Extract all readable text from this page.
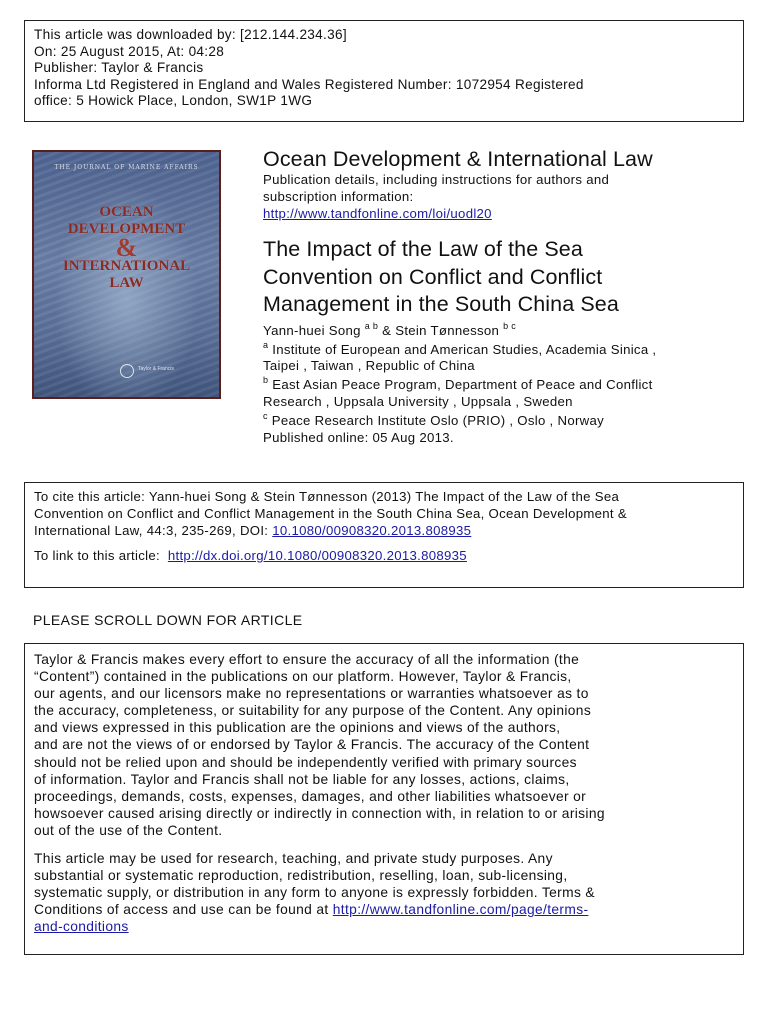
This article was downloaded by: [212.144.234.36]
On: 25 August 2015, At: 04:28
Publisher: Taylor & Francis
Informa Ltd Registered in England and Wales Registered Number: 1072954 Registered
office: 5 Howick Place, London, SW1P 1WG
THE JOURNAL OF MARINE AFFAIRS
OCEAN
DEVELOPMENT
&
INTERNATIONAL
LAW
Taylor & Francis
Ocean Development & International Law
Publication details, including instructions for authors and
subscription information:
http://www.tandfonline.com/loi/uodl20
The Impact of the Law of the Sea
Convention on Conflict and Conflict
Management in the South China Sea
Yann-huei Song $^{a b}$ & Stein Tønnesson $^{b c}$
$^a$ Institute of European and American Studies, Academia Sinica ,
Taipei , Taiwan , Republic of China
$^b$ East Asian Peace Program, Department of Peace and Conflict
Research , Uppsala University , Uppsala , Sweden
$^c$ Peace Research Institute Oslo (PRIO) , Oslo , Norway
Published online: 05 Aug 2013.
To cite this article: Yann-huei Song & Stein Tønnesson (2013) The Impact of the Law of the Sea
Convention on Conflict and Conflict Management in the South China Sea, Ocean Development &
International Law, 44:3, 235-269, DOI: 10.1080/00908320.2013.808935
To link to this article:  http://dx.doi.org/10.1080/00908320.2013.808935
PLEASE SCROLL DOWN FOR ARTICLE

Taylor & Francis makes every effort to ensure the accuracy of all the information (the
“Content”) contained in the publications on our platform. However, Taylor & Francis,
our agents, and our licensors make no representations or warranties whatsoever as to
the accuracy, completeness, or suitability for any purpose of the Content. Any opinions
and views expressed in this publication are the opinions and views of the authors,
and are not the views of or endorsed by Taylor & Francis. The accuracy of the Content
should not be relied upon and should be independently verified with primary sources
of information. Taylor and Francis shall not be liable for any losses, actions, claims,
proceedings, demands, costs, expenses, damages, and other liabilities whatsoever or
howsoever caused arising directly or indirectly in connection with, in relation to or arising
out of the use of the Content.

This article may be used for research, teaching, and private study purposes. Any
substantial or systematic reproduction, redistribution, reselling, loan, sub-licensing,
systematic supply, or distribution in any form to anyone is expressly forbidden. Terms &
Conditions of access and use can be found at http://www.tandfonline.com/page/terms-
and-conditions
